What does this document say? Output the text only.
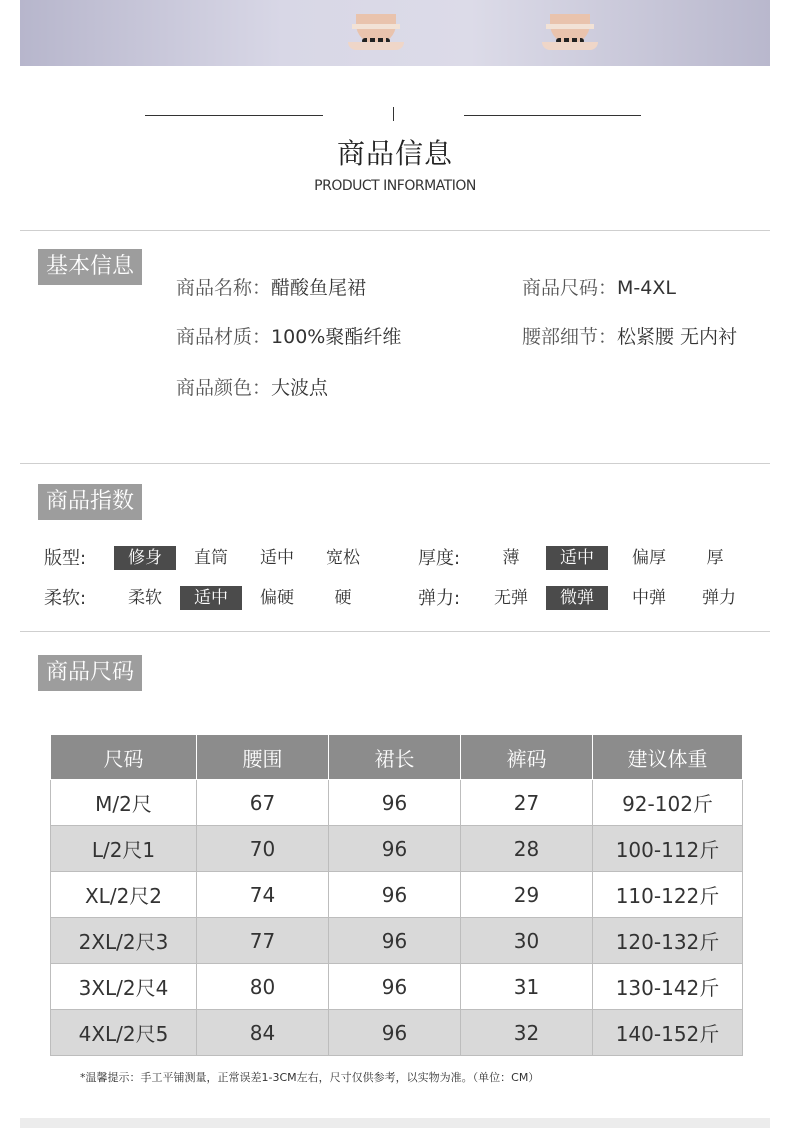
商品信息
PRODUCT INFORMATION
基本信息
商品名称：醋酸鱼尾裙	商品尺码：M-4XL
商品材质：100%聚酯纤维	腰部细节：松紧腰 无内衬
商品颜色：大波点
商品指数
版型:	修身	直筒	适中	宽松	厚度:	薄	适中	偏厚	厚
柔软:	柔软	适中	偏硬	硬	弹力:	无弹	微弹	中弹	弹力
商品尺码
尺码	腰围	裙长	裤码	建议体重
M/2尺	67	96	27	92-102斤
L/2尺1	70	96	28	100-112斤
XL/2尺2	74	96	29	110-122斤
2XL/2尺3	77	96	30	120-132斤
3XL/2尺4	80	96	31	130-142斤
4XL/2尺5	84	96	32	140-152斤
*温馨提示：手工平铺测量，正常误差1-3CM左右，尺寸仅供参考，以实物为准。（单位：CM）
